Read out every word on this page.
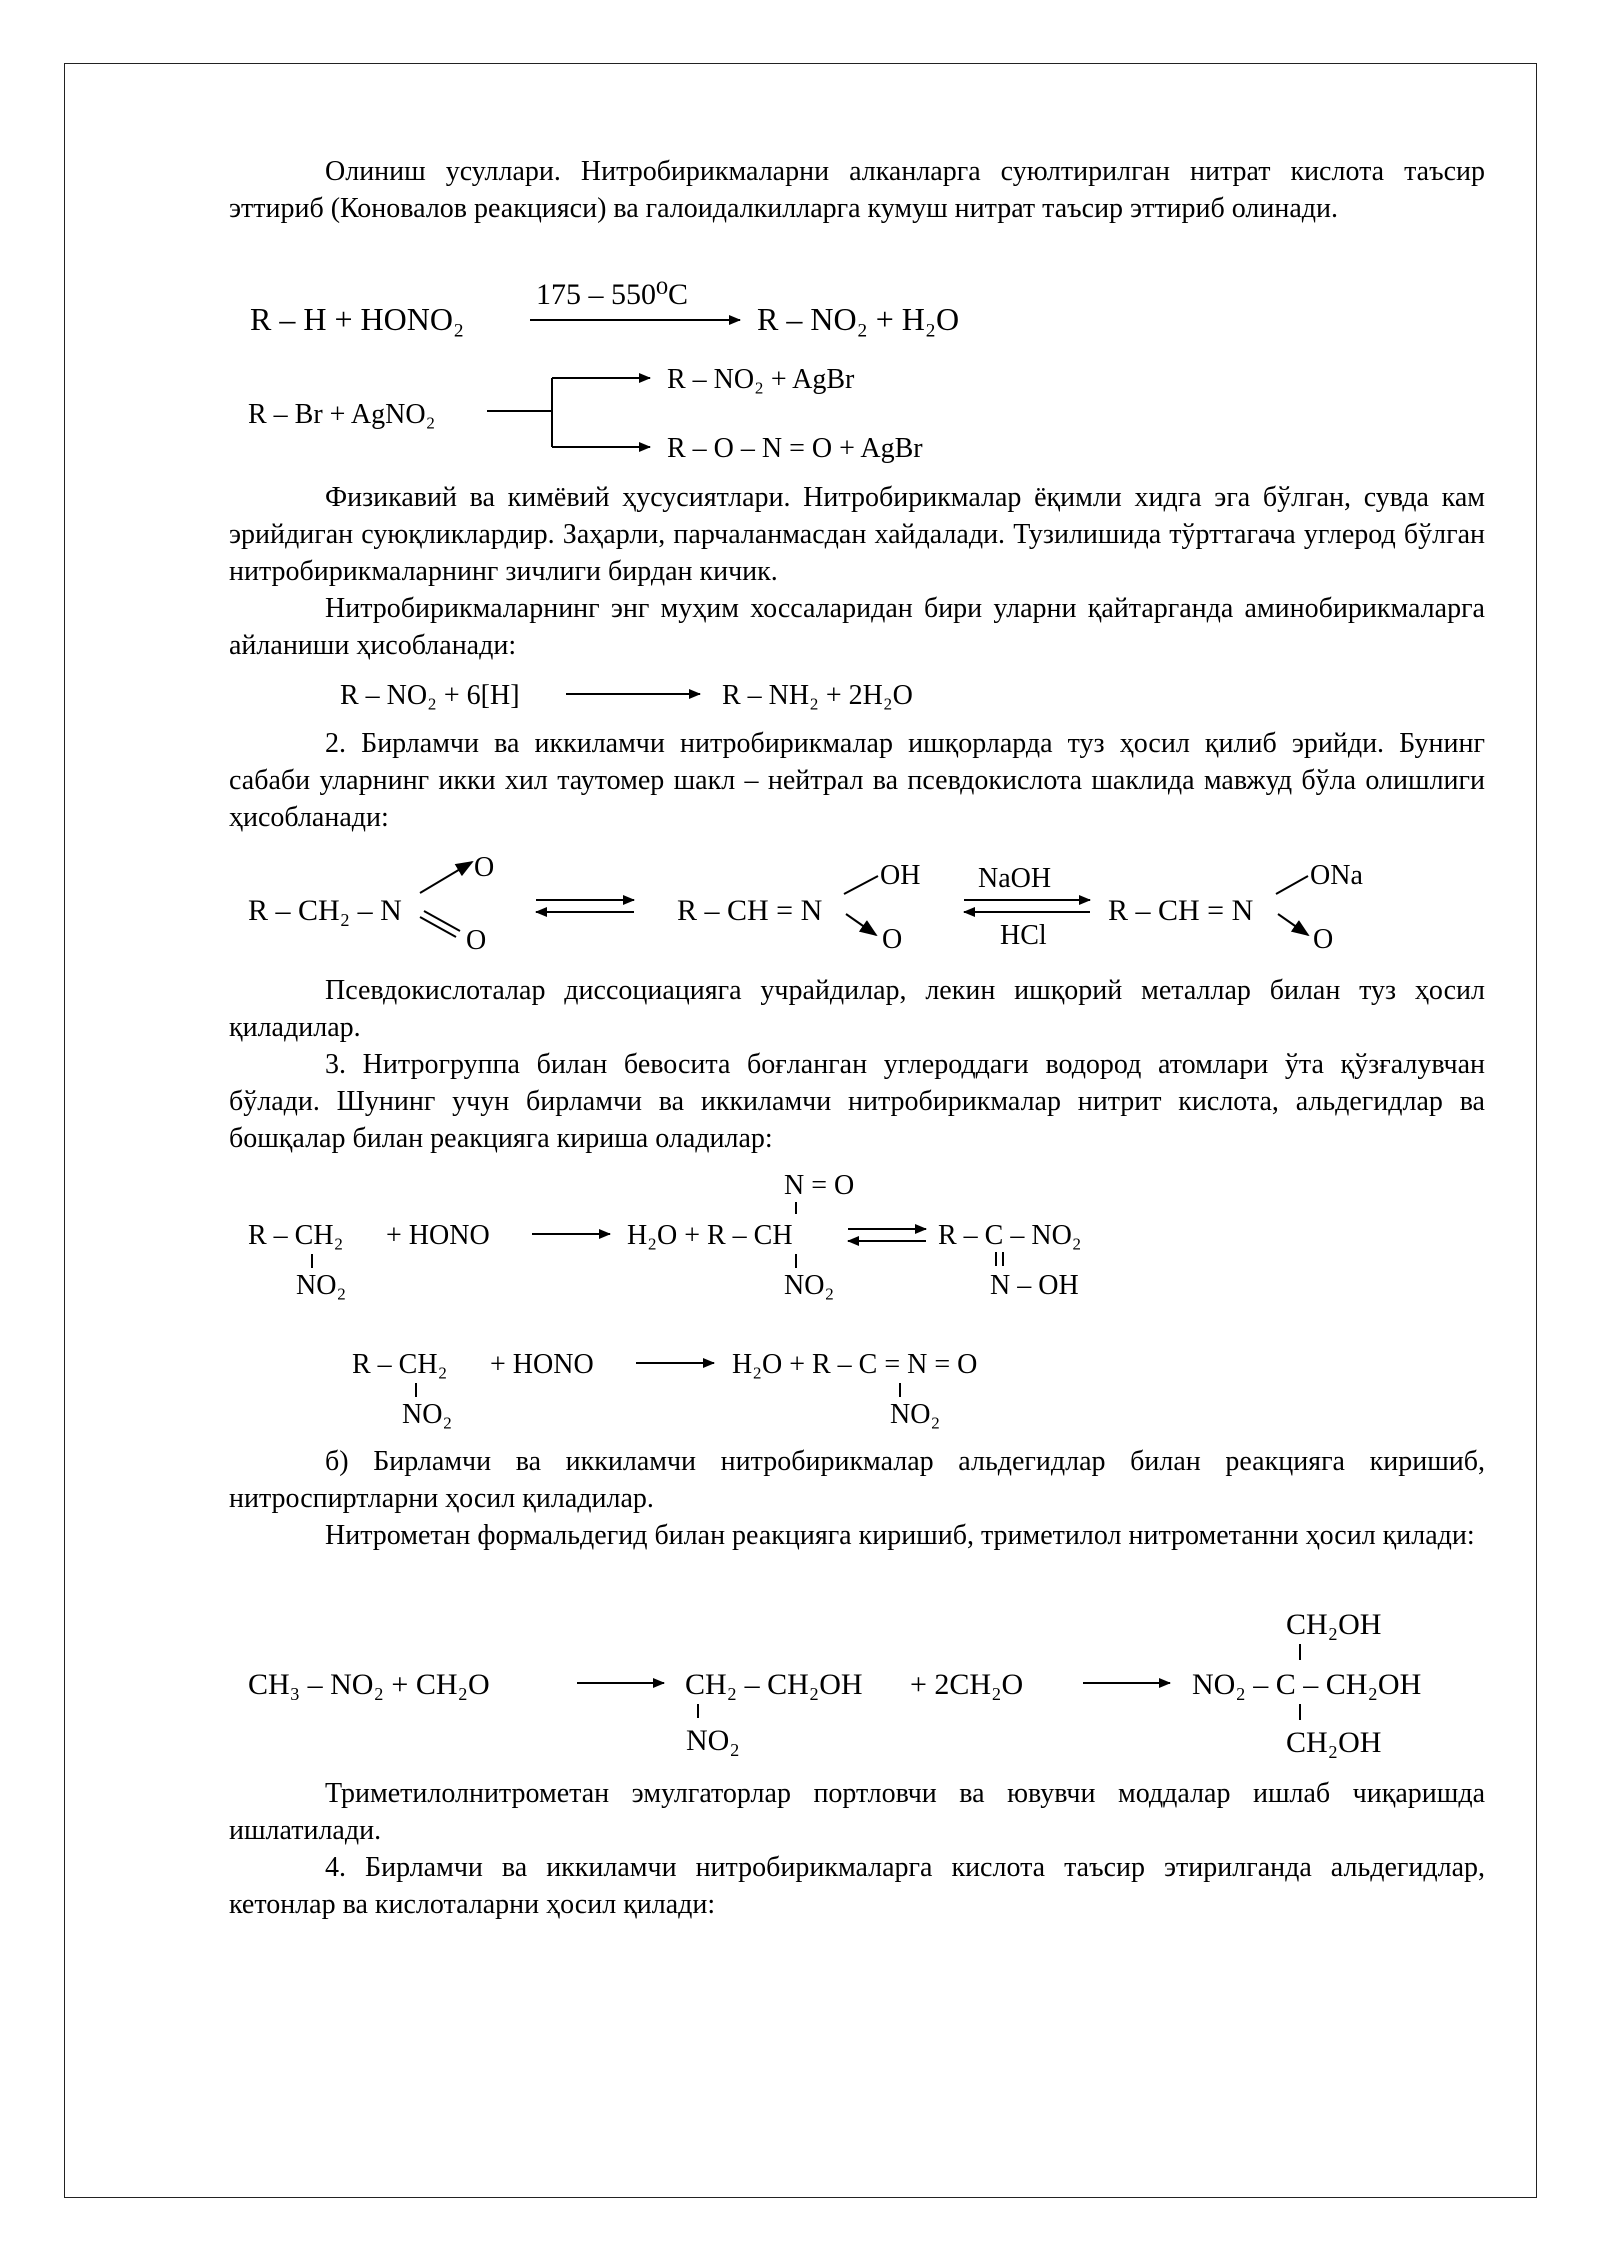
Олиниш усуллари. Нитробирикмаларни алканларга суюлтирилган нитрат кислота таъсир эттириб (Коновалов реакцияси) ва галоидалкилларга кумуш нитрат таъсир эттириб олинади.

Физикавий ва кимёвий ҳусусиятлари. Нитробирикмалар ёқимли хидга эга бўлган, сувда кам эрийдиган суюқликлардир. Заҳарли, парчаланмасдан хайдалади. Тузилишида тўрттагача углерод бўлган нитробирикмаларнинг зичлиги бирдан кичик.

Нитробирикмаларнинг энг муҳим хоссаларидан бири уларни қайтарганда аминобирикмаларга айланиши ҳисобланади:

2. Бирламчи ва иккиламчи нитробирикмалар ишқорларда туз ҳосил қилиб эрийди. Бунинг сабаби уларнинг икки хил таутомер шакл – нейтрал ва псевдокислота шаклида мавжуд бўла олишлиги ҳисобланади:

Псевдокислоталар диссоциацияга учрайдилар, лекин ишқорий металлар билан туз ҳосил қиладилар.

3. Нитрогруппа билан бевосита боғланган углероддаги водород атомлари ўта қўзғалувчан бўлади. Шунинг учун бирламчи ва иккиламчи нитробирикмалар нитрит кислота, альдегидлар ва бошқалар билан реакцияга кириша оладилар:

б) Бирламчи ва иккиламчи нитробирикмалар альдегидлар билан реакцияга киришиб, нитроспиртларни ҳосил қиладилар.

Нитрометан формальдегид билан реакцияга киришиб, триметилол нитрометанни ҳосил қилади:

Триметилолнитрометан эмулгаторлар портловчи ва ювувчи моддалар ишлаб чиқаришда ишлатилади.

4. Бирламчи ва иккиламчи нитробирикмаларга кислота таъсир этирилганда альдегидлар, кетонлар ва кислоталарни ҳосил қилади:

R – H + HONO₂
175 – 550⁰C
R – NO₂ + H₂O
R – Br + AgNO₂
R – NO₂ + AgBr
R – O – N = O + AgBr
R – NO₂ + 6[H]	R – NH₂ + 2H₂O
R – CH₂ – N
O
O
R – CH = N
OH
O
NaOH
HCl
R – CH = N
ONa
O
R – CH₂
NO₂
+ HONO	H₂O + R – CH
N = O
NO₂
R – C – NO₂
N – OH
R – CH₂
NO₂
+ HONO	H₂O + R – C = N = O
NO₂
CH₃ – NO₂ + CH₂O	CH₂ – CH₂OH
NO₂
+ 2CH₂O
CH₂OH
NO₂ – C – CH₂OH
CH₂OH
